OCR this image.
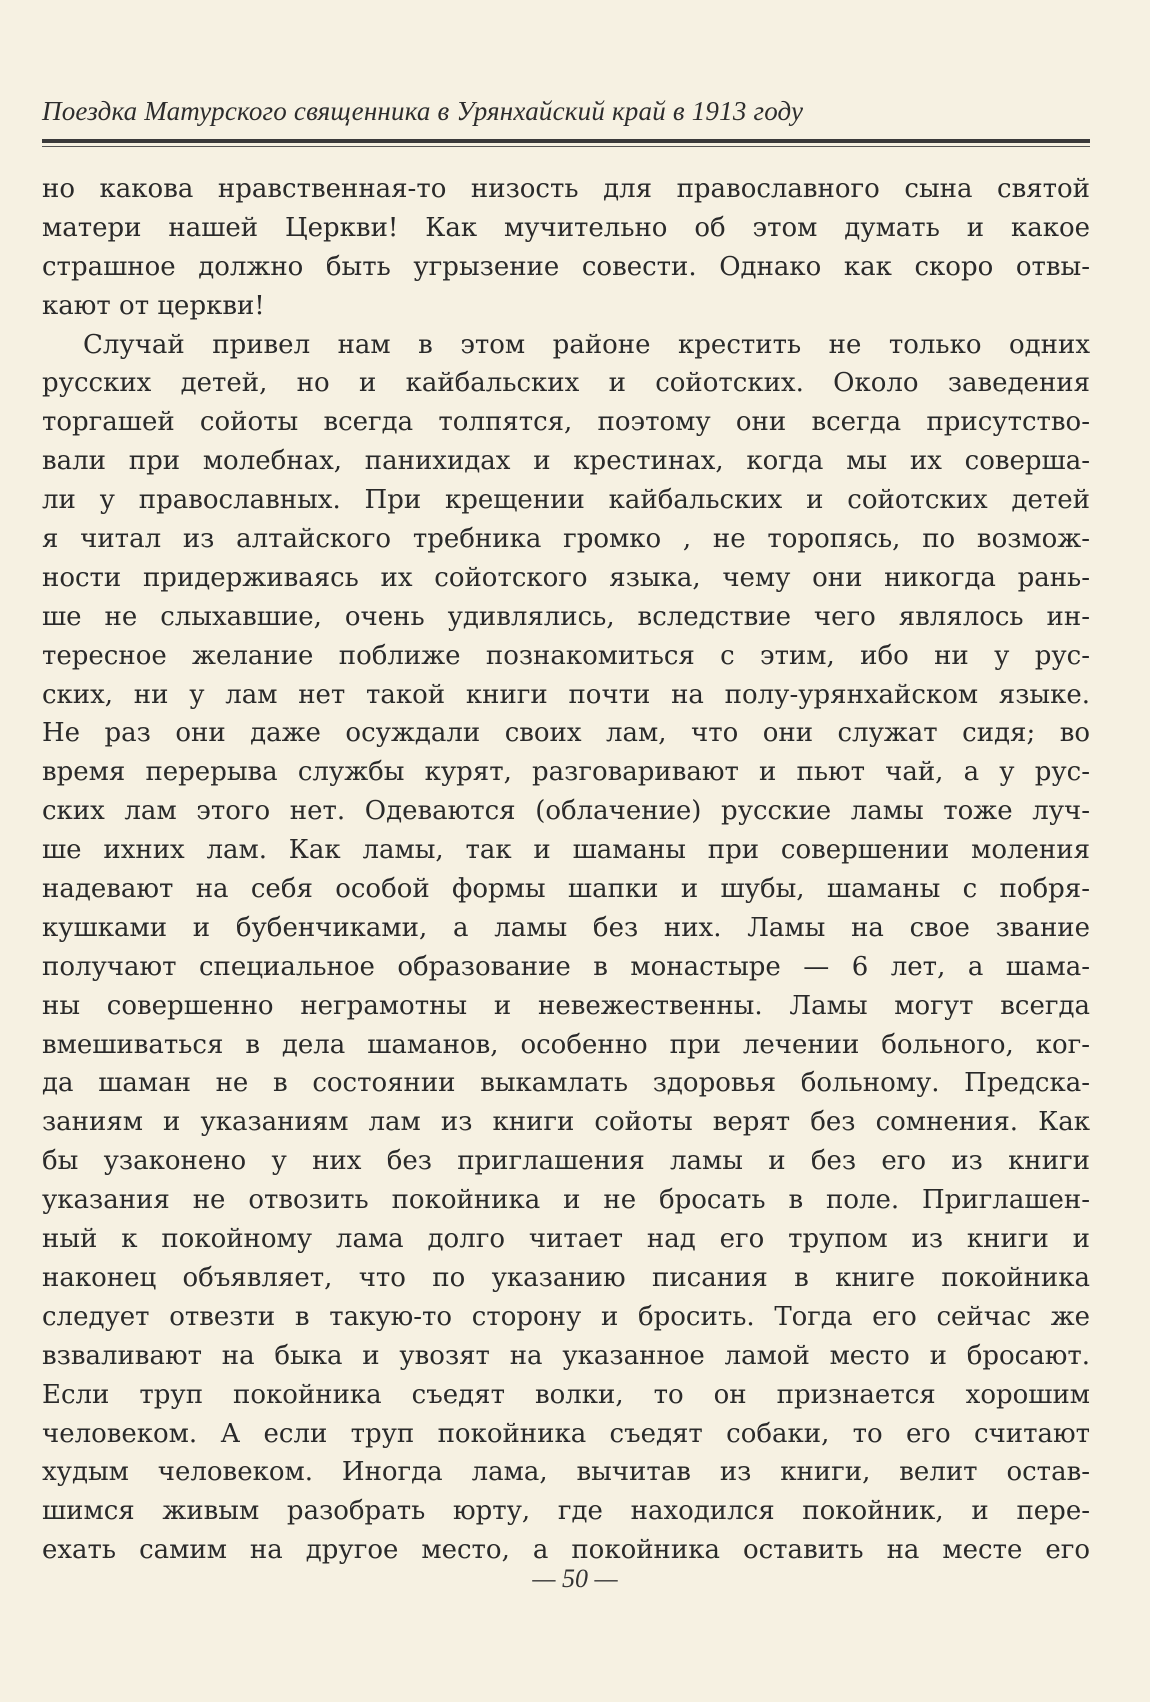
Поездка Матурского священника в Урянхайский край в 1913 году
но какова нравственная-то низость для православного сына святой
матери нашей Церкви! Как мучительно об этом думать и какое
страшное должно быть угрызение совести. Однако как скоро отвы-
кают от церкви!
Случай привел нам в этом районе крестить не только одних
русских детей, но и кайбальских и сойотских. Около заведения
торгашей сойоты всегда толпятся, поэтому они всегда присутство-
вали при молебнах, панихидах и крестинах, когда мы их соверша-
ли у православных. При крещении кайбальских и сойотских детей
я читал из алтайского требника громко , не торопясь, по возмож-
ности придерживаясь их сойотского языка, чему они никогда рань-
ше не слыхавшие, очень удивлялись, вследствие чего являлось ин-
тересное желание поближе познакомиться с этим, ибо ни у рус-
ских, ни у лам нет такой книги почти на полу-урянхайском языке.
Не раз они даже осуждали своих лам, что они служат сидя; во
время перерыва службы курят, разговаривают и пьют чай, а у рус-
ских лам этого нет. Одеваются (облачение) русские ламы тоже луч-
ше ихних лам. Как ламы, так и шаманы при совершении моления
надевают на себя особой формы шапки и шубы, шаманы с побря-
кушками и бубенчиками, а ламы без них. Ламы на свое звание
получают специальное образование в монастыре — 6 лет, а шама-
ны совершенно неграмотны и невежественны. Ламы могут всегда
вмешиваться в дела шаманов, особенно при лечении больного, ког-
да шаман не в состоянии выкамлать здоровья больному. Предска-
заниям и указаниям лам из книги сойоты верят без сомнения. Как
бы узаконено у них без приглашения ламы и без его из книги
указания не отвозить покойника и не бросать в поле. Приглашен-
ный к покойному лама долго читает над его трупом из книги и
наконец объявляет, что по указанию писания в книге покойника
следует отвезти в такую-то сторону и бросить. Тогда его сейчас же
взваливают на быка и увозят на указанное ламой место и бросают.
Если труп покойника съедят волки, то он признается хорошим
человеком. А если труп покойника съедят собаки, то его считают
худым человеком. Иногда лама, вычитав из книги, велит остав-
шимся живым разобрать юрту, где находился покойник, и пере-
ехать самим на другое место, а покойника оставить на месте его
— 50 —
